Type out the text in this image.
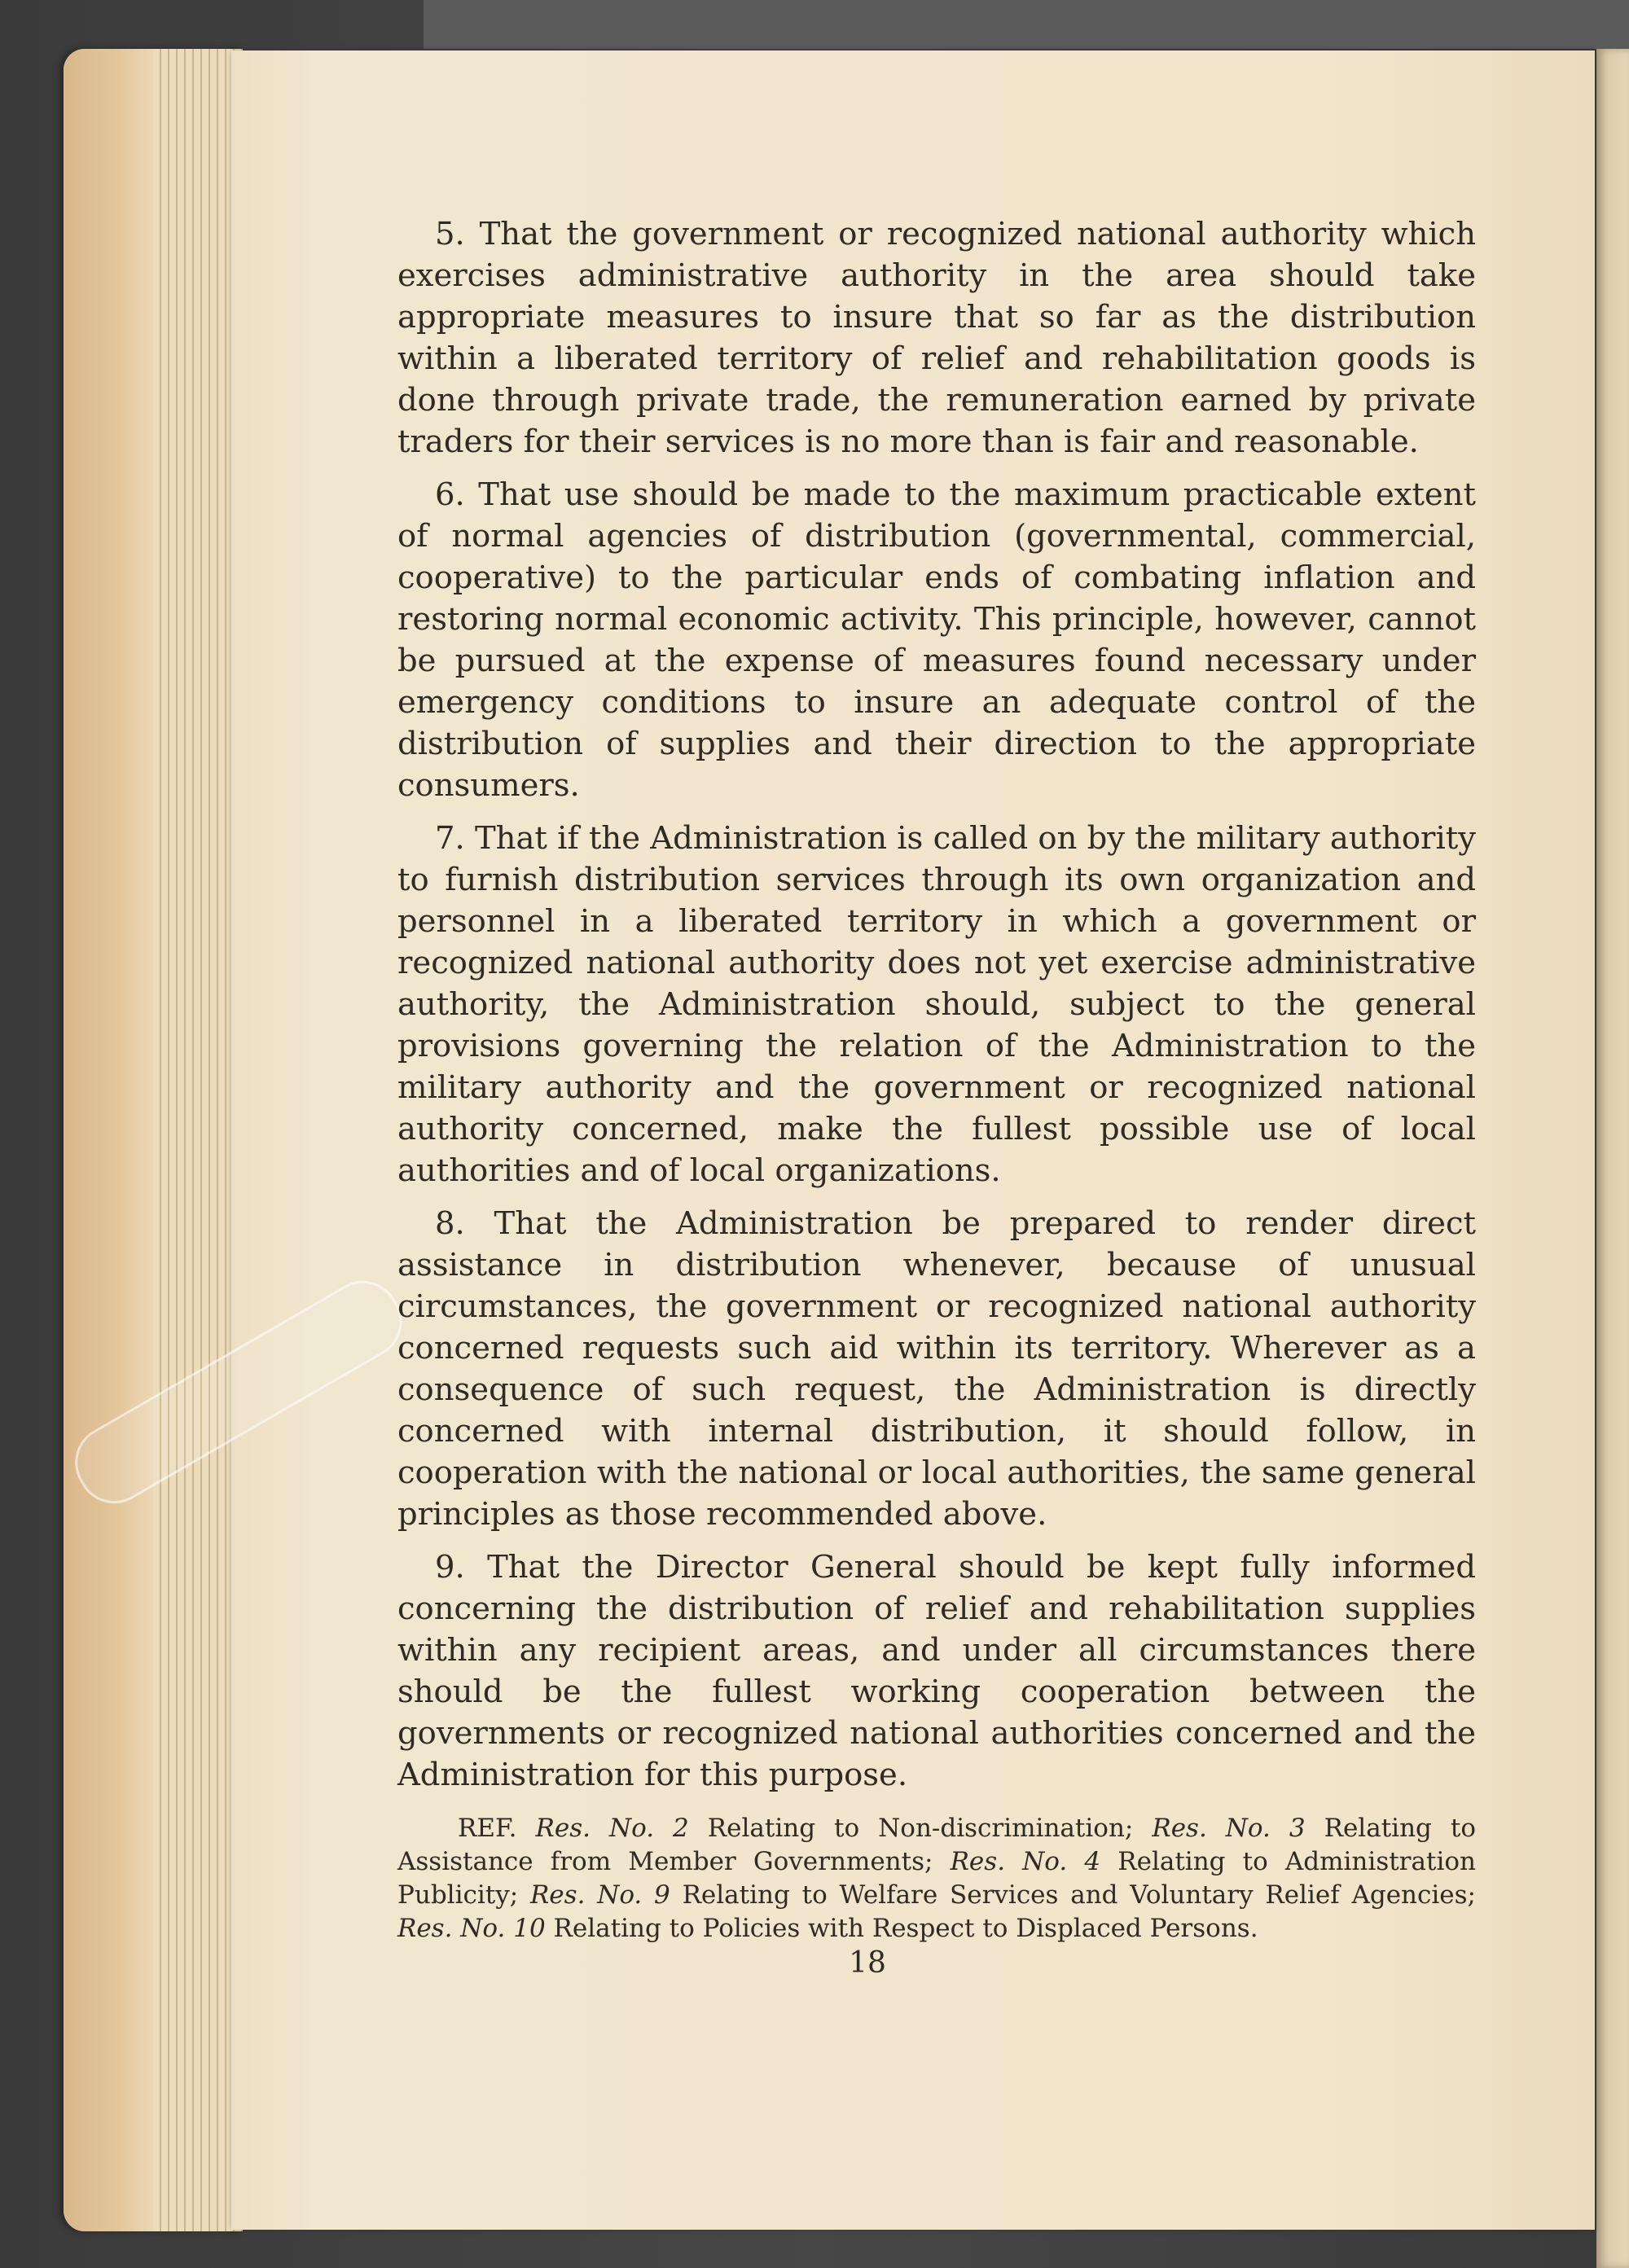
5. That the government or recognized national authority which exercises administrative authority in the area should take appropriate measures to insure that so far as the distribution within a liberated territory of relief and rehabilitation goods is done through private trade, the remuneration earned by private traders for their services is no more than is fair and reasonable.

6. That use should be made to the maximum practicable extent of normal agencies of distribution (governmental, commercial, cooperative) to the particular ends of combating inflation and restoring normal economic activity. This principle, however, cannot be pursued at the expense of measures found necessary under emergency conditions to insure an adequate control of the distribution of supplies and their direction to the appropriate consumers.

7. That if the Administration is called on by the military authority to furnish distribution services through its own organization and personnel in a liberated territory in which a government or recognized national authority does not yet exercise administrative authority, the Administration should, subject to the general provisions governing the relation of the Administration to the military authority and the government or recognized national authority concerned, make the fullest possible use of local authorities and of local organizations.

8. That the Administration be prepared to render direct assistance in distribution whenever, because of unusual circumstances, the government or recognized national authority concerned requests such aid within its territory. Wherever as a consequence of such request, the Administration is directly concerned with internal distribution, it should follow, in cooperation with the national or local authorities, the same general principles as those recommended above.

9. That the Director General should be kept fully informed concerning the distribution of relief and rehabilitation supplies within any recipient areas, and under all circumstances there should be the fullest working cooperation between the governments or recognized national authorities concerned and the Administration for this purpose.

REF. Res. No. 2 Relating to Non-discrimination; Res. No. 3 Relating to Assistance from Member Governments; Res. No. 4 Relating to Administration Publicity; Res. No. 9 Relating to Welfare Services and Voluntary Relief Agencies; Res. No. 10 Relating to Policies with Respect to Displaced Persons.

18
